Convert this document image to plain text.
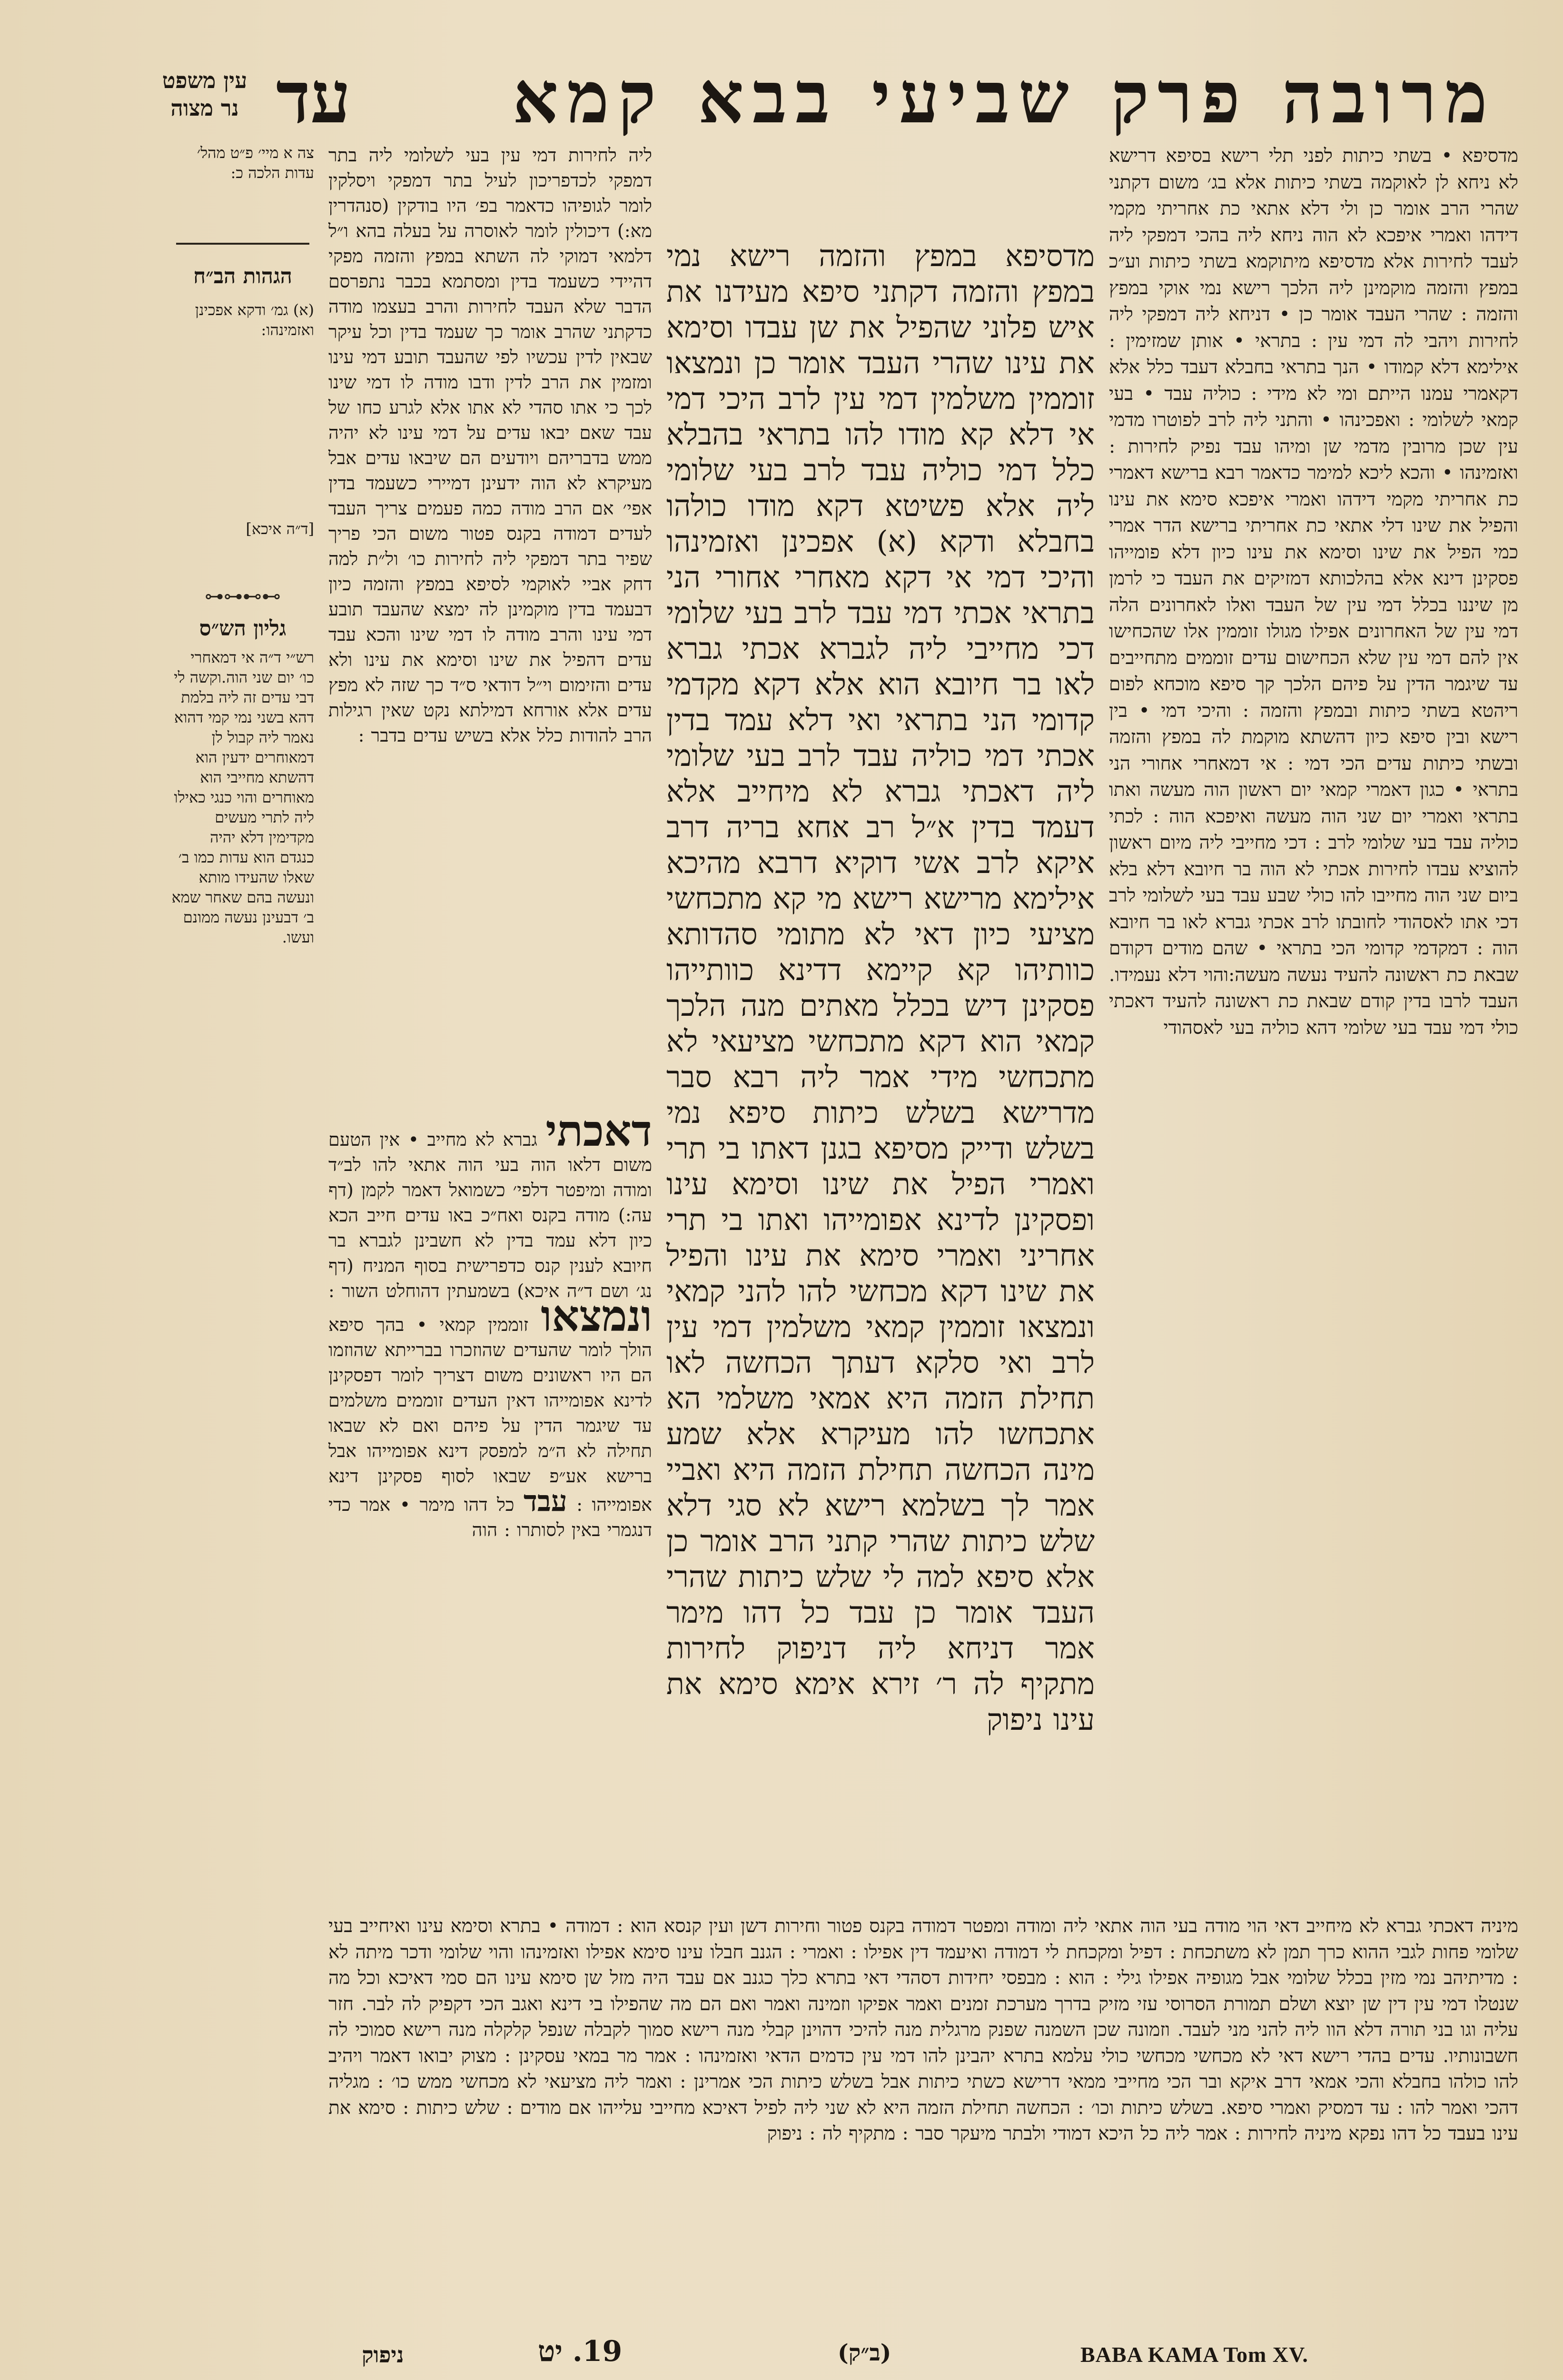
מרובה פרק שביעי בבא קמא
עד
עין משפט
נר מצוה
צה א מיי׳ פ״ט מהל׳ עדות הלכה כ:
הגהות הב״ח
(א) גמ׳ ודקא אפכינן ואזמינהו:
[ד״ה איכא]
⊶⊶⊷⊷
גליון הש״ס
רש״י ד״ה אי דמאחרי כו׳ יום שני הוה.וקשה לי דבי עדים זה ליה בלמת דהא בשני נמי קמי דהוא נאמר ליה קבול לן דמאוחרים ידעין הוא דהשתא מחייבי הוא מאוחרים והוי כנגי כאילו ליה לתרי מעשים מקדימין דלא יהיה כנגדם הוא עדות כמו ב׳ שאלו שהעידו מותא ונעשה בהם שאחר שמא ב׳ דבעינן נעשה ממונם ועשו.
ליה לחירות דמי עין בעי לשלומי ליה בתר דמפקי לכדפריכון לעיל בתר דמפקי ויסלקין לומר לגופיהו כדאמר בפ׳ היו בודקין (סנהדרין מא:) דיכולין לומר לאוסרה על בעלה בהא ו״ל דלמאי דמוקי לה השתא במפץ והזמה מפקי דהיידי כשעמד בדין ומסתמא בכבר נתפרסם הדבר שלא העבד לחירות והרב בעצמו מודה כדקתני שהרב אומר כך שעמד בדין וכל עיקר שבאין לדין עכשיו לפי שהעבד תובע דמי עינו ומזמין את הרב לדין ודבו מודה לו דמי שינו לכך כי אתו סהדי לא אתו אלא לגרע כחו של עבד שאם יבאו עדים על דמי עינו לא יהיה ממש בדבריהם ויודעים הם שיבאו עדים אבל מעיקרא לא הוה ידעינן דמיירי כשעמד בדין אפי׳ אם הרב מודה כמה פעמים צריך העבד לעדים דמודה בקנס פטור משום הכי פריך שפיר בתר דמפקי ליה לחירות כו׳ ול״ת למה דחק אביי לאוקמי לסיפא במפץ והזמה כיון דבעמד בדין מוקמינן לה ימצא שהעבד תובע דמי עינו והרב מודה לו דמי שינו והכא עבד עדים דהפיל את שינו וסימא את עינו ולא עדים והזימום וי״ל דודאי ס״ד כך שזה לא מפץ עדים אלא אורחא דמילתא נקט שאין רגילות הרב להודות כלל אלא בשיש עדים בדבר :
דאכתי גברא לא מחייב • אין הטעם משום דלאו הוה בעי הוה אתאי להו לב״ד ומודה ומיפטר דלפי׳ כשמואל דאמר לקמן (דף עה:) מודה בקנס ואח״כ באו עדים חייב הכא כיון דלא עמד בדין לא חשבינן לגברא בר חיובא לענין קנס כדפרישית בסוף המניח (דף נג׳ ושם ד״ה איכא) בשמעתין דהוחלט השור : ונמצאו זוממין קמאי • בהך סיפא הולך לומר שהעדים שהוזכרו בברייתא שהוזמו הם היו ראשונים משום דצריך לומר דפסקינן לדינא אפומייהו דאין העדים זוממים משלמים עד שיגמר הדין על פיהם ואם לא שבאו תחילה לא ה״מ למפסק דינא אפומייהו אבל ברישא אע״פ שבאו לסוף פסקינן דינא אפומייהו : עבד כל דהו מימר • אמר כדי דנגמרי באין לסותרו : הוה
מדסיפא במפץ והזמה רישא נמי במפץ והזמה דקתני סיפא מעידנו את איש פלוני שהפיל את שן עבדו וסימא את עינו שהרי העבד אומר כן ונמצאו זוממין משלמין דמי עין לרב היכי דמי אי דלא קא מודו להו בתראי בהבלא כלל דמי כוליה עבד לרב בעי שלומי ליה אלא פשיטא דקא מודו כולהו בחבלא ודקא (א) אפכינן ואזמינהו והיכי דמי אי דקא מאחרי אחורי הני בתראי אכתי דמי עבד לרב בעי שלומי דכי מחייבי ליה לגברא אכתי גברא לאו בר חיובא הוא אלא דקא מקדמי קדומי הני בתראי ואי דלא עמד בדין אכתי דמי כוליה עבד לרב בעי שלומי ליה דאכתי גברא לא מיחייב אלא דעמד בדין א״ל רב אחא בריה דרב איקא לרב אשי דוקיא דרבא מהיכא אילימא מרישא רישא מי קא מתכחשי מציעי כיון דאי לא מתומי סהדותא כוותיהו קא קיימא דדינא כוותייהו פסקינן דיש בכלל מאתים מנה הלכך קמאי הוא דקא מתכחשי מציעאי לא מתכחשי מידי אמר ליה רבא סבר מדרישא בשלש כיתות סיפא נמי בשלש ודייק מסיפא בגנן דאתו בי תרי ואמרי הפיל את שינו וסימא עינו ופסקינן לדינא אפומייהו ואתו בי תרי אחריני ואמרי סימא את עינו והפיל את שינו דקא מכחשי להו להני קמאי ונמצאו זוממין קמאי משלמין דמי עין לרב ואי סלקא דעתך הכחשה לאו תחילת הזמה היא אמאי משלמי הא אתכחשו להו מעיקרא אלא שמע מינה הכחשה תחילת הזמה היא ואביי אמר לך בשלמא רישא לא סגי דלא שלש כיתות שהרי קתני הרב אומר כן אלא סיפא למה לי שלש כיתות שהרי העבד אומר כן עבד כל דהו מימר אמר דניחא ליה דניפוק לחירות מתקיף לה ר׳ זירא אימא סימא את עינו ניפוק
מדסיפא • בשתי כיתות לפני תלי רישא בסיפא דרישא לא ניחא לן לאוקמה בשתי כיתות אלא בג׳ משום דקתני שהרי הרב אומר כן ולי דלא אתאי כת אחריתי מקמי דידהו ואמרי איפכא לא הוה ניחא ליה בהכי דמפקי ליה לעבד לחירות אלא מדסיפא מיתוקמא בשתי כיתות וע״כ במפץ והזמה מוקמינן ליה הלכך רישא נמי אוקי במפץ והזמה : שהרי העבד אומר כן • דניחא ליה דמפקי ליה לחירות ויהבי לה דמי עין : בתראי • אותן שמזימין : אילימא דלא קמודו • הנך בתראי בחבלא דעבד כלל אלא דקאמרי עמנו הייתם ומי לא מידי : כוליה עבד • בעי קמאי לשלומי : ואפכינהו • והתני ליה לרב לפוטרו מדמי עין שכן מרובין מדמי שן ומיהו עבד נפיק לחירות : ואזמינהו • והכא ליכא למימר כדאמר רבא ברישא דאמרי כת אחריתי מקמי דידהו ואמרי איפכא סימא את עינו והפיל את שינו דלי אתאי כת אחריתי ברישא הדר אמרי כמי הפיל את שינו וסימא את עינו כיון דלא פומייהו פסקינן דינא אלא בהלכותא דמזיקים את העבד כי לרמן מן שיננו בכלל דמי עין של העבד ואלו לאחרונים הלה דמי עין של האחרונים אפילו מגולו זוממין אלו שהכחישו אין להם דמי עין שלא הכחישום עדים זוממים מתחייבים עד שיגמר הדין על פיהם הלכך קך סיפא מוכחא לפום ריהטא בשתי כיתות ובמפץ והזמה : והיכי דמי • בין רישא ובין סיפא כיון דהשתא מוקמת לה במפץ והזמה ובשתי כיתות עדים הכי דמי : אי דמאחרי אחורי הני בתראי • כגון דאמרי קמאי יום ראשון הוה מעשה ואתו בתראי ואמרי יום שני הוה מעשה ואיפכא הוה : לכתי כוליה עבד בעי שלומי לרב : דכי מחייבי ליה מיום ראשון להוציא עבדו לחירות אכתי לא הוה בר חיובא דלא בלא ביום שני הוה מחייבו להו כולי שבע עבד בעי לשלומי לרב דכי אתו לאסהודי לחובתו לרב אכתי גברא לאו בר חיובא הוה : דמקדמי קדומי הכי בתראי • שהם מודים דקודם שבאת כת ראשונה להעיד נעשה מעשה:והוי דלא נעמידו. העבד לרבו בדין קודם שבאת כת ראשונה להעיד דאכתי כולי דמי עבד בעי שלומי דהא כוליה בעי לאסהודי
מיניה דאכתי גברא לא מיחייב דאי הוי מודה בעי הוה אתאי ליה ומודה ומפטר דמודה בקנס פטור וחירות דשן ועין קנסא הוא : דמודה • בתרא וסימא עינו ואיחייב בעי שלומי פחות לגבי ההוא כרך תמן לא משתכחת : דפיל ומקכחת לי דמודה ואיעמד דין אפילו : ואמרי : הגנב חבלו עינו סימא אפילו ואזמינהו והוי שלומי ודכר מיתה לא : מדיתיהב נמי מזין בכלל שלומי אבל מגופיה אפילו גילי : הוא : מבפסי יחידות דסהדי דאי בתרא כלך כגנב אם עבד היה מזל שן סימא עינו הם סמי דאיכא וכל מה שנטלו דמי עין דין שן יוצא ושלם תמורת הסרוסי עזי מזיק בדרך מערכת זמנים ואמר אפיקו וזמינה ואמר ואם הם מה שהפילו בי דינא ואגב הכי דקפיק לה לבר. חזר עליה וגו בני תורה דלא הוו ליה להני מני לעבד. וזמונה שכן השמנה שפנק מרגלית מנה להיכי דהוינן קבלי מנה רישא סמוך לקבלה שנפל קלקלה מנה רישא סמוכי לה חשבונותיו. עדים בהדי רישא דאי לא מכחשי מכחשי כולי עלמא בתרא יהבינן להו דמי עין כדמים הדאי ואזמינהו : אמר מר במאי עסקינן : מצוק יבואו דאמר ויהיב להו כולהו בחבלא והכי אמאי דרב איקא ובר הכי מחייבי ממאי דרישא כשתי כיתות אבל בשלש כיתות הכי אמרינן : ואמר ליה מציעאי לא מכחשי ממש כו׳ : מגליה דהכי ואמר להו : עד דמסיק ואמרי סיפא. בשלש כיתות וכו׳ : הכחשה תחילת הזמה היא לא שני ליה לפיל דאיכא מחייבי עלייהו אם מודים : שלש כיתות : סימא את עינו בעבד כל דהו נפקא מיניה לחירות : אמר ליה כל היכא דמודי ולבתר מיעקר סבר : מתקיף לה : ניפוק
ניפוק	19. יט	(ב״ק)	BABA KAMA Tom XV.
